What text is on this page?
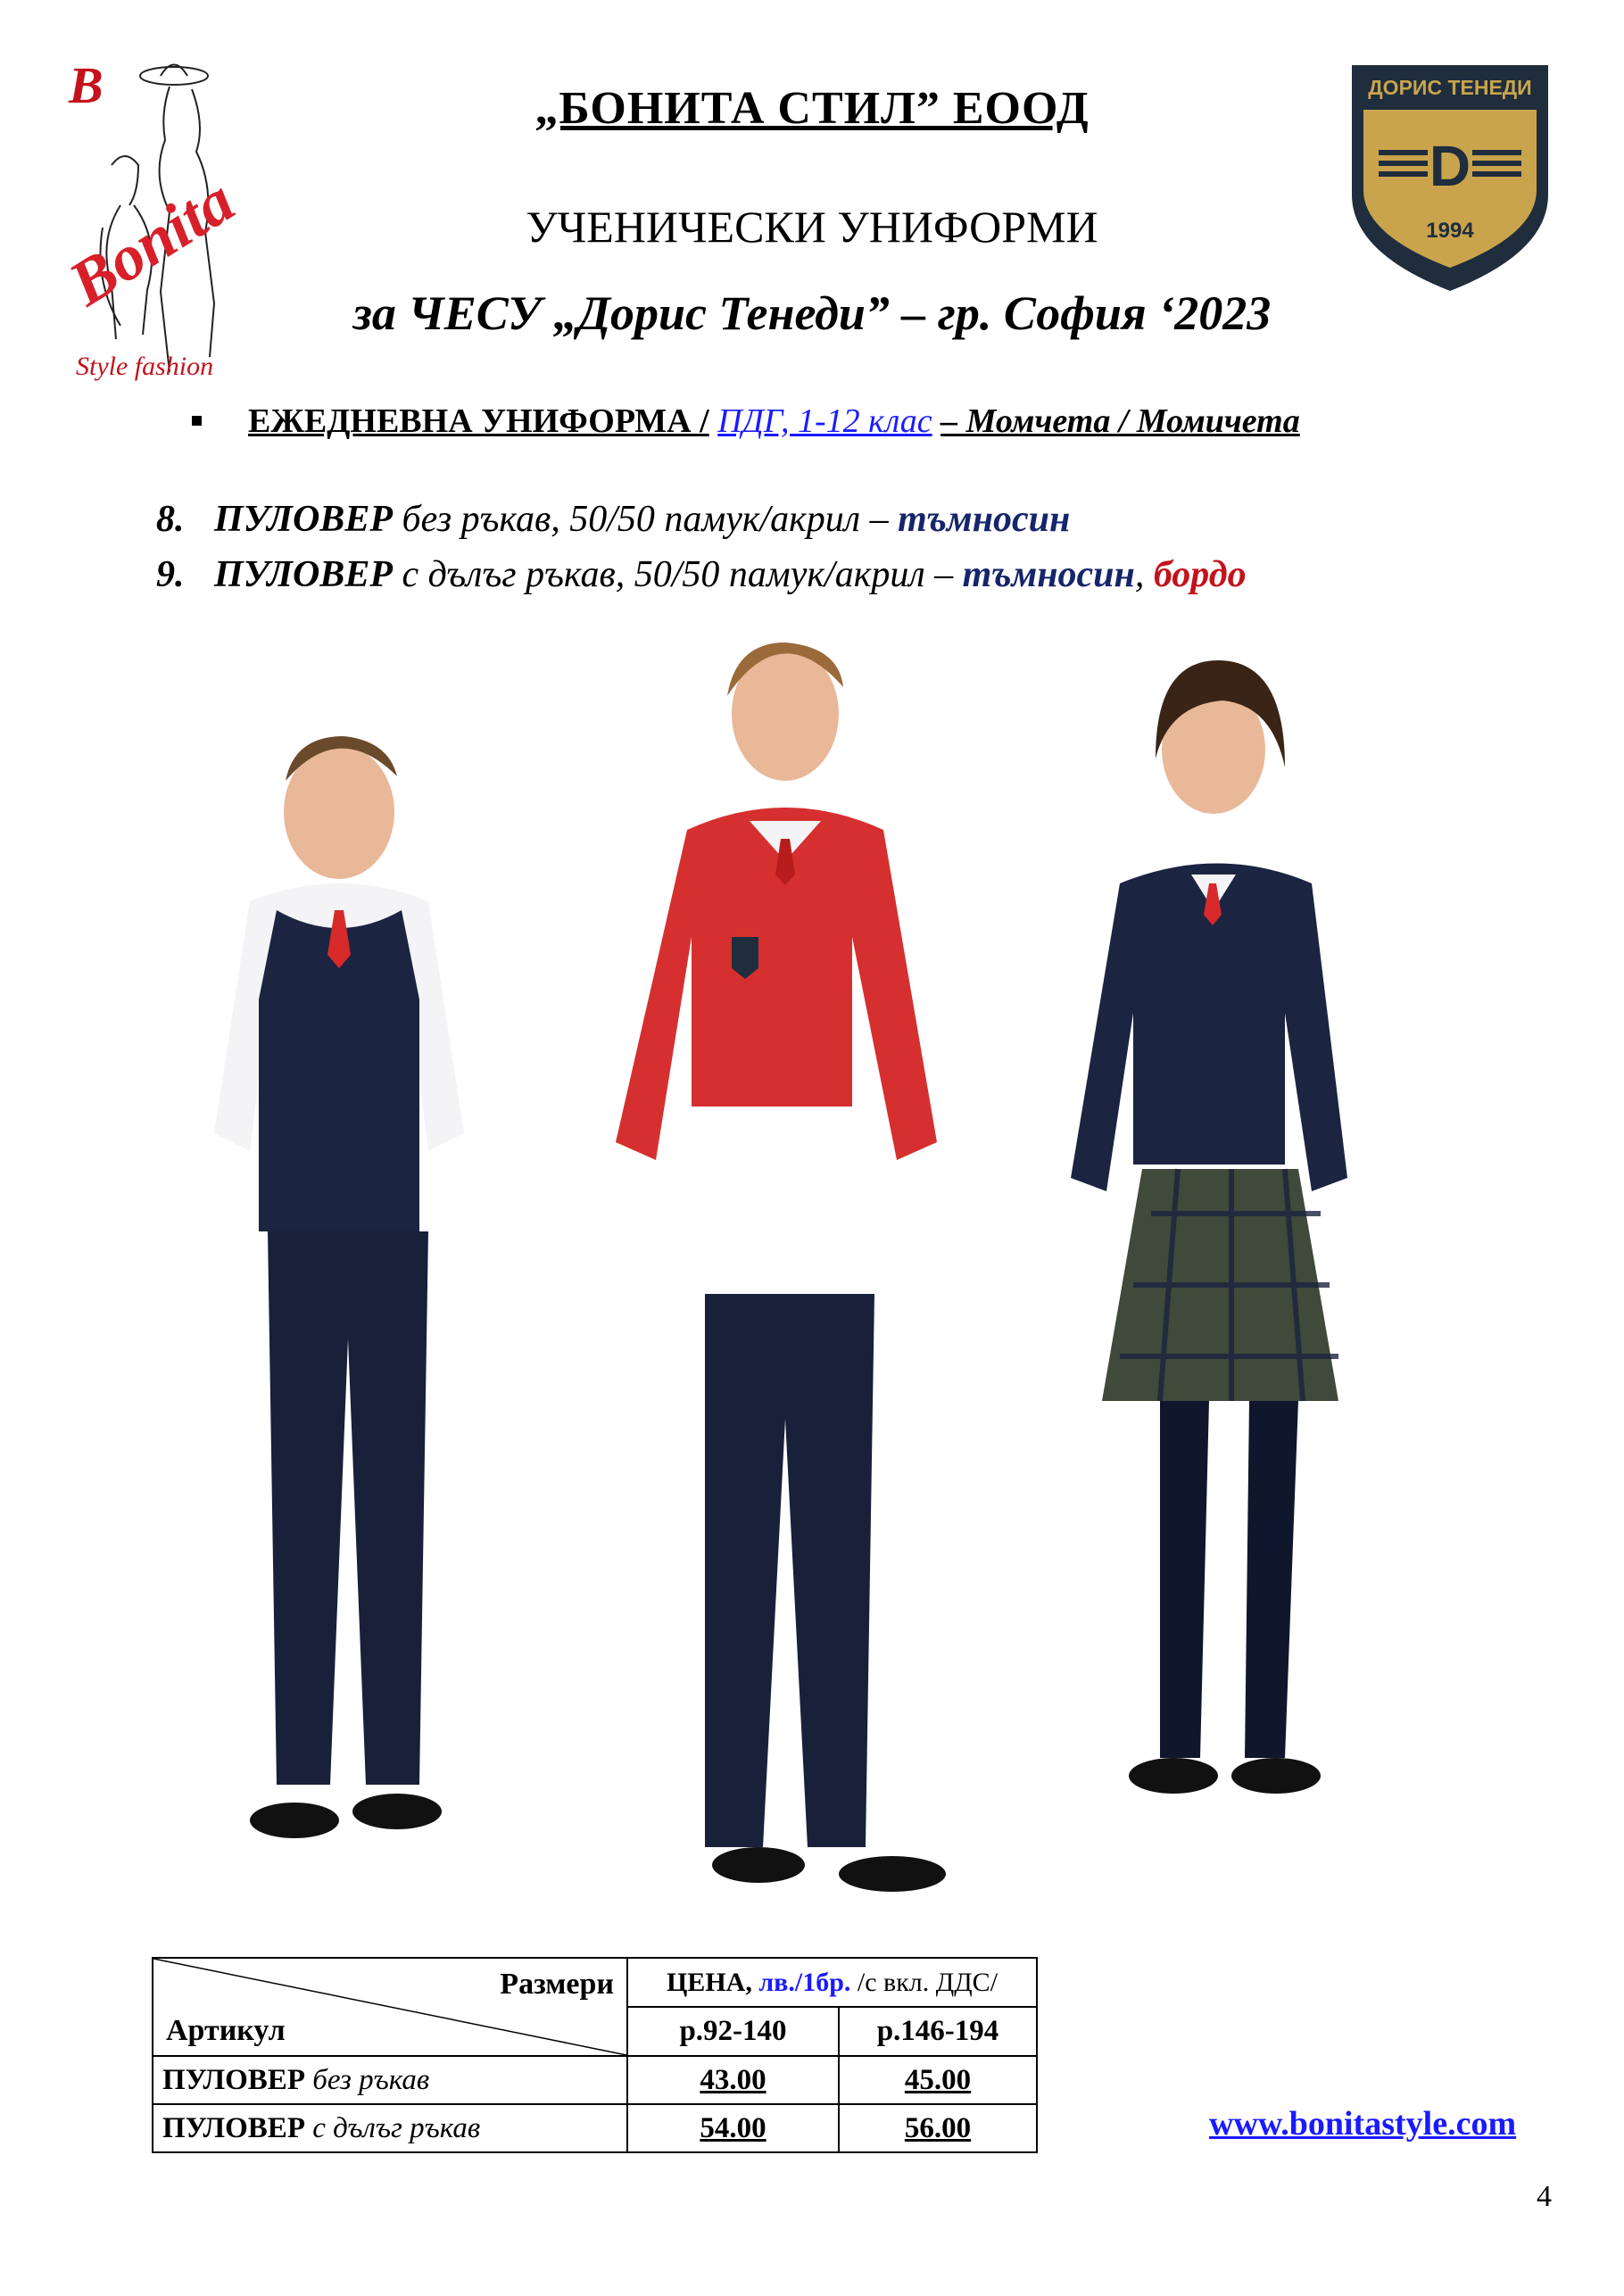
B
Bonita
Style fashion
ДОРИС ТЕНЕДИ
D
1994
„БОНИТА СТИЛ” ЕООД
УЧЕНИЧЕСКИ УНИФОРМИ
за ЧЕСУ „Дорис Тенеди” – гр. София ‘2023
ЕЖЕДНЕВНА УНИФОРМА / ПДГ, 1-12 клас – Момчета / Момичета
8. ПУЛОВЕР без ръкав, 50/50 памук/акрил – тъмносин
9. ПУЛОВЕР с дълъг ръкав, 50/50 памук/акрил – тъмносин, бордо
Размери
Артикул	ЦЕНА, лв./1бр. /с вкл. ДДС/	
	р.92-140	р.146-194
ПУЛОВЕР без ръкав	43.00	45.00
ПУЛОВЕР с дълъг ръкав	54.00	56.00	www.bonitastyle.com
4
